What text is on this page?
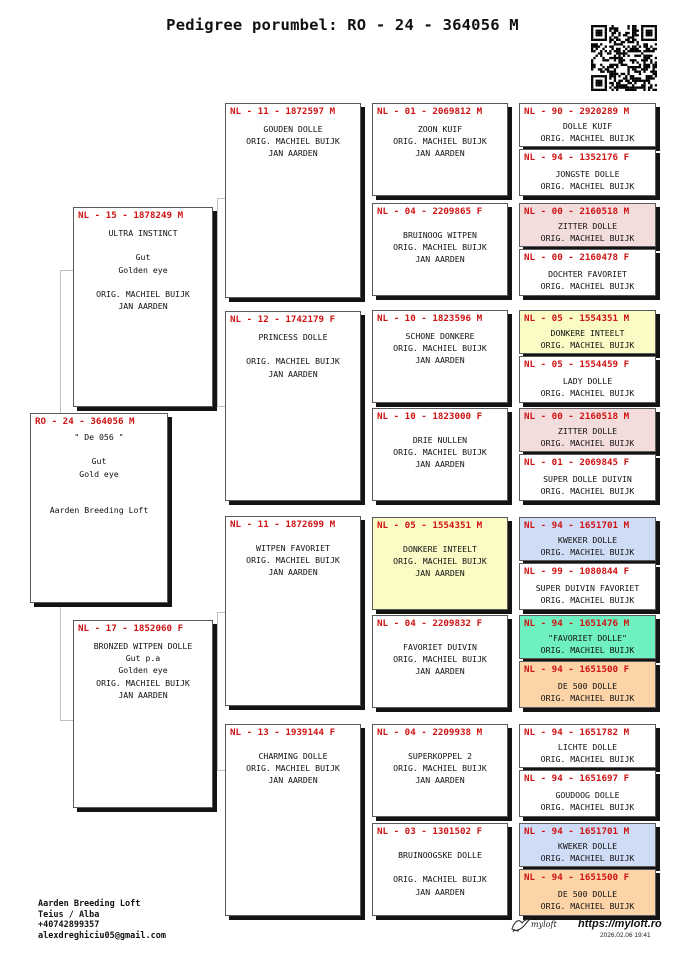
Pedigree porumbel: RO - 24 - 364056 M
RO - 24 - 364056 M
" De 056 "
Gut
Gold eye
Aarden Breeding Loft
NL - 15 - 1878249 M
ULTRA INSTINCT
Gut
Golden eye
ORIG. MACHIEL BUIJK
JAN AARDEN
NL - 17 - 1852060 F
BRONZED WITPEN DOLLE
Gut p.a
Golden eye
ORIG. MACHIEL BUIJK
JAN AARDEN
NL - 11 - 1872597 M
GOUDEN DOLLE
ORIG. MACHIEL BUIJK
JAN AARDEN
NL - 12 - 1742179 F
PRINCESS DOLLE
ORIG. MACHIEL BUIJK
JAN AARDEN
NL - 11 - 1872699 M
WITPEN FAVORIET
ORIG. MACHIEL BUIJK
JAN AARDEN
NL - 13 - 1939144 F
CHARMING DOLLE
ORIG. MACHIEL BUIJK
JAN AARDEN
NL - 01 - 2069812 M
ZOON KUIF
ORIG. MACHIEL BUIJK
JAN AARDEN
NL - 04 - 2209865 F
BRUINOOG WITPEN
ORIG. MACHIEL BUIJK
JAN AARDEN
NL - 10 - 1823596 M
SCHONE DONKERE
ORIG. MACHIEL BUIJK
JAN AARDEN
NL - 10 - 1823000 F
DRIE NULLEN
ORIG. MACHIEL BUIJK
JAN AARDEN
NL - 05 - 1554351 M
DONKERE INTEELT
ORIG. MACHIEL BUIJK
JAN AARDEN
NL - 04 - 2209832 F
FAVORIET DUIVIN
ORIG. MACHIEL BUIJK
JAN AARDEN
NL - 04 - 2209938 M
SUPERKOPPEL 2
ORIG. MACHIEL BUIJK
JAN AARDEN
NL - 03 - 1301502 F
BRUINOOGSKE DOLLE
ORIG. MACHIEL BUIJK
JAN AARDEN
NL - 90 - 2920289 M
DOLLE KUIF
ORIG. MACHIEL BUIJK
NL - 94 - 1352176 F
JONGSTE DOLLE
ORIG. MACHIEL BUIJK
NL - 00 - 2160518 M
ZITTER DOLLE
ORIG. MACHIEL BUIJK
NL - 00 - 2160478 F
DOCHTER FAVORIET
ORIG. MACHIEL BUIJK
NL - 05 - 1554351 M
DONKERE INTEELT
ORIG. MACHIEL BUIJK
NL - 05 - 1554459 F
LADY DOLLE
ORIG. MACHIEL BUIJK
NL - 00 - 2160518 M
ZITTER DOLLE
ORIG. MACHIEL BUIJK
NL - 01 - 2069845 F
SUPER DOLLE DUIVIN
ORIG. MACHIEL BUIJK
NL - 94 - 1651701 M
KWEKER DOLLE
ORIG. MACHIEL BUIJK
NL - 99 - 1080844 F
SUPER DUIVIN FAVORIET
ORIG. MACHIEL BUIJK
NL - 94 - 1651476 M
"FAVORIET DOLLE"
ORIG. MACHIEL BUIJK
NL - 94 - 1651500 F
DE 500 DOLLE
ORIG. MACHIEL BUIJK
NL - 94 - 1651782 M
LICHTE DOLLE
ORIG. MACHIEL BUIJK
NL - 94 - 1651697 F
GOUDOOG DOLLE
ORIG. MACHIEL BUIJK
NL - 94 - 1651701 M
KWEKER DOLLE
ORIG. MACHIEL BUIJK
NL - 94 - 1651500 F
DE 500 DOLLE
ORIG. MACHIEL BUIJK
Aarden Breeding Loft
Teius / Alba
+40742899357
alexdreghiciu05@gmail.com
myloft https://myloft.ro
2026.02.06 19:41
